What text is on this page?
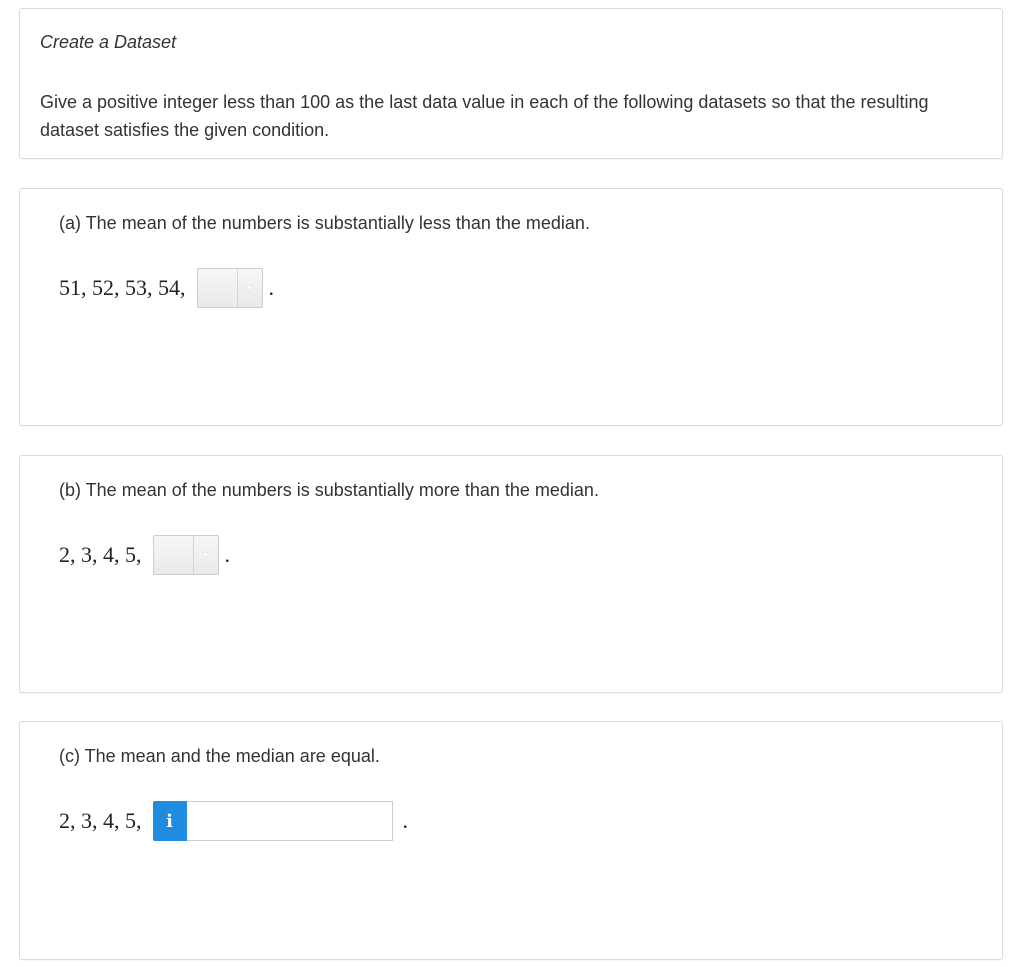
Create a Dataset
Give a positive integer less than 100 as the last data value in each of the following datasets so that the resulting dataset satisfies the given condition.
(a) The mean of the numbers is substantially less than the median.
51, 52, 53, 54,	▼ .
(b) The mean of the numbers is substantially more than the median.
2, 3, 4, 5,	▼ .
(c) The mean and the median are equal.
2, 3, 4, 5,	i	.
